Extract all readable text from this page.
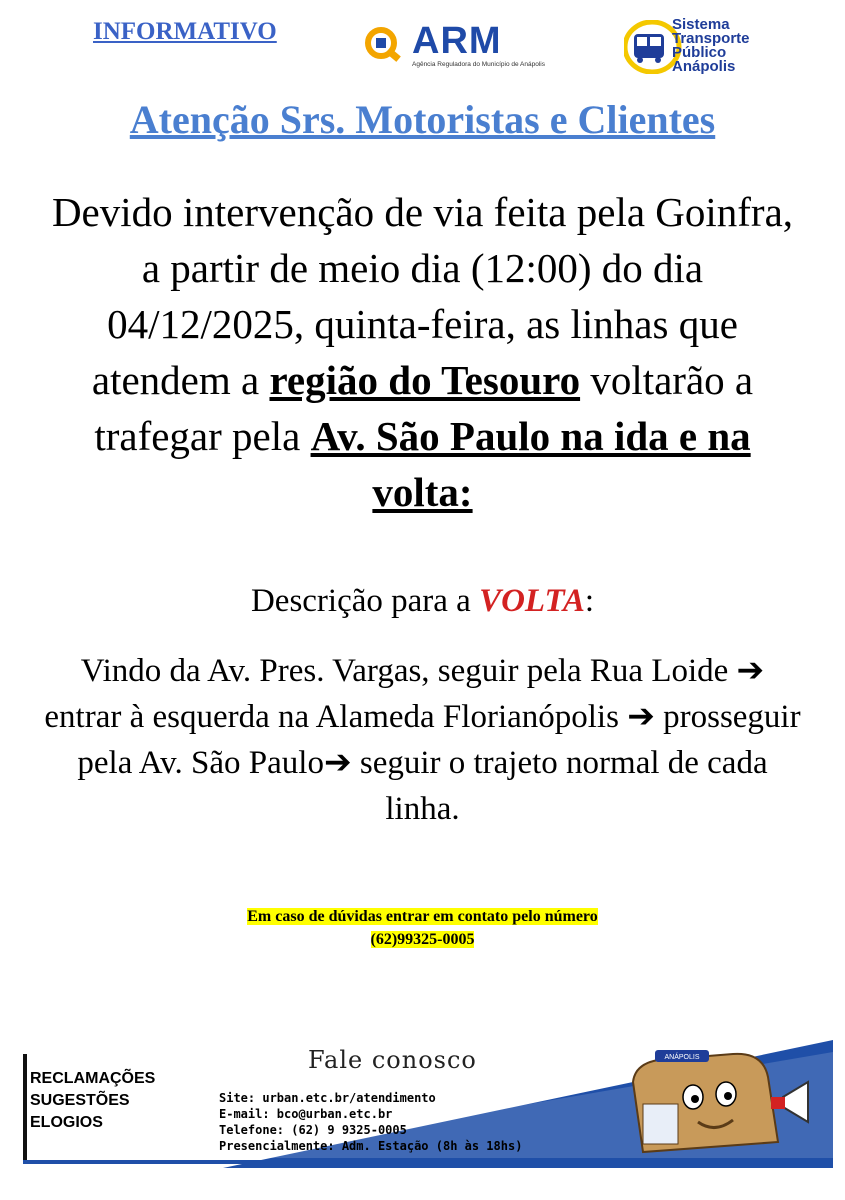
INFORMATIVO	ARM
Agência Reguladora do Município de Anápolis
Sistema
Transporte
Público
Anápolis
Atenção Srs. Motoristas e Clientes
Devido intervenção de via feita pela Goinfra, a partir de meio dia (12:00) do dia 04/12/2025, quinta-feira, as linhas que atendem a região do Tesouro voltarão a trafegar pela Av. São Paulo na ida e na volta:
Descrição para a VOLTA:
Vindo da Av. Pres. Vargas, seguir pela Rua Loide ➔ entrar à esquerda na Alameda Florianópolis ➔ prosseguir pela Av. São Paulo➔ seguir o trajeto normal de cada linha.
Em caso de dúvidas entrar em contato pelo número
(62)99325-0005
RECLAMAÇÕES
SUGESTÕES
ELOGIOS
Fale conosco
Site: urban.etc.br/atendimento
E-mail: bco@urban.etc.br
Telefone: (62) 9 9325-0005
Presencialmente: Adm. Estação (8h às 18hs)
ANÁPOLIS
